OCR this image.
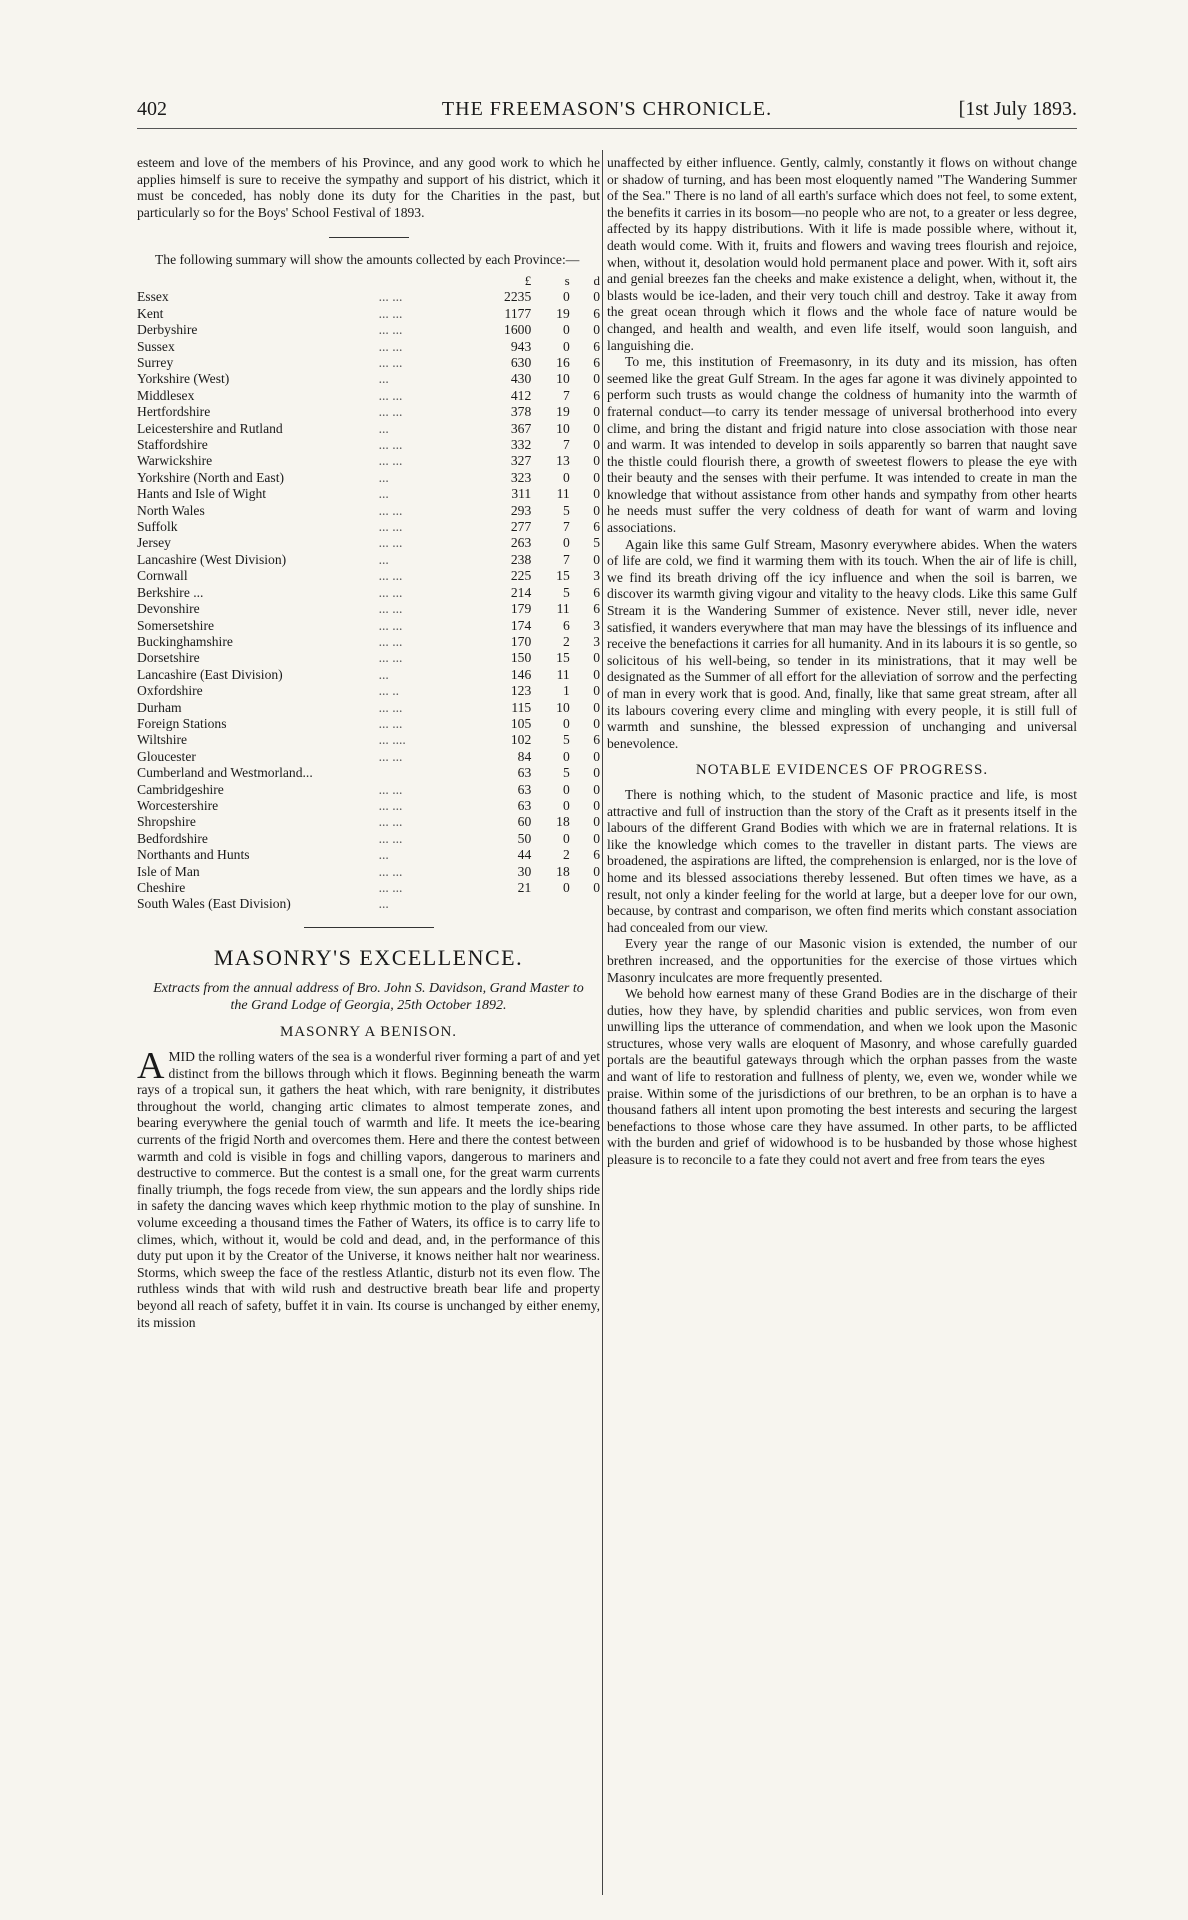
402	THE FREEMASON'S CHRONICLE.	[1st July 1893.

esteem and love of the members of his Province, and any good work to which he applies himself is sure to receive the sympathy and support of his district, which it must be conceded, has nobly done its duty for the Charities in the past, but particularly so for the Boys' School Festival of 1893.

The following summary will show the amounts collected by each Province:—

		£	s	d
Essex	... ...	2235	0	0
Kent	... ...	1177	19	6
Derbyshire	... ...	1600	0	0
Sussex	... ...	943	0	6
Surrey	... ...	630	16	6
Yorkshire (West)	...	430	10	0
Middlesex	... ...	412	7	6
Hertfordshire	... ...	378	19	0
Leicestershire and Rutland	...	367	10	0
Staffordshire	... ...	332	7	0
Warwickshire	... ...	327	13	0
Yorkshire (North and East)	...	323	0	0
Hants and Isle of Wight	...	311	11	0
North Wales	... ...	293	5	0
Suffolk	... ...	277	7	6
Jersey	... ...	263	0	5
Lancashire (West Division)	...	238	7	0
Cornwall	... ...	225	15	3
Berkshire ...	... ...	214	5	6
Devonshire	... ...	179	11	6
Somersetshire	... ...	174	6	3
Buckinghamshire	... ...	170	2	3
Dorsetshire	... ...	150	15	0
Lancashire (East Division)	...	146	11	0
Oxfordshire	... ..	123	1	0
Durham	... ...	115	10	0
Foreign Stations	... ...	105	0	0
Wiltshire	... ....	102	5	6
Gloucester	... ...	84	0	0
Cumberland and Westmorland...		63	5	0
Cambridgeshire	... ...	63	0	0
Worcestershire	... ...	63	0	0
Shropshire	... ...	60	18	0
Bedfordshire	... ...	50	0	0
Northants and Hunts	...	44	2	6
Isle of Man	... ...	30	18	0
Cheshire	... ...	21	0	0
South Wales (East Division)	...			
MASONRY'S EXCELLENCE.
Extracts from the annual address of Bro. John S. Davidson, Grand Master to the Grand Lodge of Georgia, 25th October 1892.
MASONRY A BENISON.

AMID the rolling waters of the sea is a wonderful river forming a part of and yet distinct from the billows through which it flows. Beginning beneath the warm rays of a tropical sun, it gathers the heat which, with rare benignity, it distributes throughout the world, changing artic climates to almost temperate zones, and bearing everywhere the genial touch of warmth and life. It meets the ice-bearing currents of the frigid North and overcomes them. Here and there the contest between warmth and cold is visible in fogs and chilling vapors, dangerous to mariners and destructive to commerce. But the contest is a small one, for the great warm currents finally triumph, the fogs recede from view, the sun appears and the lordly ships ride in safety the dancing waves which keep rhythmic motion to the play of sunshine. In volume exceeding a thousand times the Father of Waters, its office is to carry life to climes, which, without it, would be cold and dead, and, in the performance of this duty put upon it by the Creator of the Universe, it knows neither halt nor weariness. Storms, which sweep the face of the restless Atlantic, disturb not its even flow. The ruthless winds that with wild rush and destructive breath bear life and property beyond all reach of safety, buffet it in vain. Its course is unchanged by either enemy, its mission

unaffected by either influence. Gently, calmly, constantly it flows on without change or shadow of turning, and has been most eloquently named "The Wandering Summer of the Sea." There is no land of all earth's surface which does not feel, to some extent, the benefits it carries in its bosom—no people who are not, to a greater or less degree, affected by its happy distributions. With it life is made possible where, without it, death would come. With it, fruits and flowers and waving trees flourish and rejoice, when, without it, desolation would hold permanent place and power. With it, soft airs and genial breezes fan the cheeks and make existence a delight, when, without it, the blasts would be ice-laden, and their very touch chill and destroy. Take it away from the great ocean through which it flows and the whole face of nature would be changed, and health and wealth, and even life itself, would soon languish, and languishing die.

To me, this institution of Freemasonry, in its duty and its mission, has often seemed like the great Gulf Stream. In the ages far agone it was divinely appointed to perform such trusts as would change the coldness of humanity into the warmth of fraternal conduct—to carry its tender message of universal brotherhood into every clime, and bring the distant and frigid nature into close association with those near and warm. It was intended to develop in soils apparently so barren that naught save the thistle could flourish there, a growth of sweetest flowers to please the eye with their beauty and the senses with their perfume. It was intended to create in man the knowledge that without assistance from other hands and sympathy from other hearts he needs must suffer the very coldness of death for want of warm and loving associations.

Again like this same Gulf Stream, Masonry everywhere abides. When the waters of life are cold, we find it warming them with its touch. When the air of life is chill, we find its breath driving off the icy influence and when the soil is barren, we discover its warmth giving vigour and vitality to the heavy clods. Like this same Gulf Stream it is the Wandering Summer of existence. Never still, never idle, never satisfied, it wanders everywhere that man may have the blessings of its influence and receive the benefactions it carries for all humanity. And in its labours it is so gentle, so solicitous of his well-being, so tender in its ministrations, that it may well be designated as the Summer of all effort for the alleviation of sorrow and the perfecting of man in every work that is good. And, finally, like that same great stream, after all its labours covering every clime and mingling with every people, it is still full of warmth and sunshine, the blessed expression of unchanging and universal benevolence.

NOTABLE EVIDENCES OF PROGRESS.

There is nothing which, to the student of Masonic practice and life, is most attractive and full of instruction than the story of the Craft as it presents itself in the labours of the different Grand Bodies with which we are in fraternal relations. It is like the knowledge which comes to the traveller in distant parts. The views are broadened, the aspirations are lifted, the comprehension is enlarged, nor is the love of home and its blessed associations thereby lessened. But often times we have, as a result, not only a kinder feeling for the world at large, but a deeper love for our own, because, by contrast and comparison, we often find merits which constant association had concealed from our view.

Every year the range of our Masonic vision is extended, the number of our brethren increased, and the opportunities for the exercise of those virtues which Masonry inculcates are more frequently presented.

We behold how earnest many of these Grand Bodies are in the discharge of their duties, how they have, by splendid charities and public services, won from even unwilling lips the utterance of commendation, and when we look upon the Masonic structures, whose very walls are eloquent of Masonry, and whose carefully guarded portals are the beautiful gateways through which the orphan passes from the waste and want of life to restoration and fullness of plenty, we, even we, wonder while we praise. Within some of the jurisdictions of our brethren, to be an orphan is to have a thousand fathers all intent upon promoting the best interests and securing the largest benefactions to those whose care they have assumed. In other parts, to be afflicted with the burden and grief of widowhood is to be husbanded by those whose highest pleasure is to reconcile to a fate they could not avert and free from tears the eyes
